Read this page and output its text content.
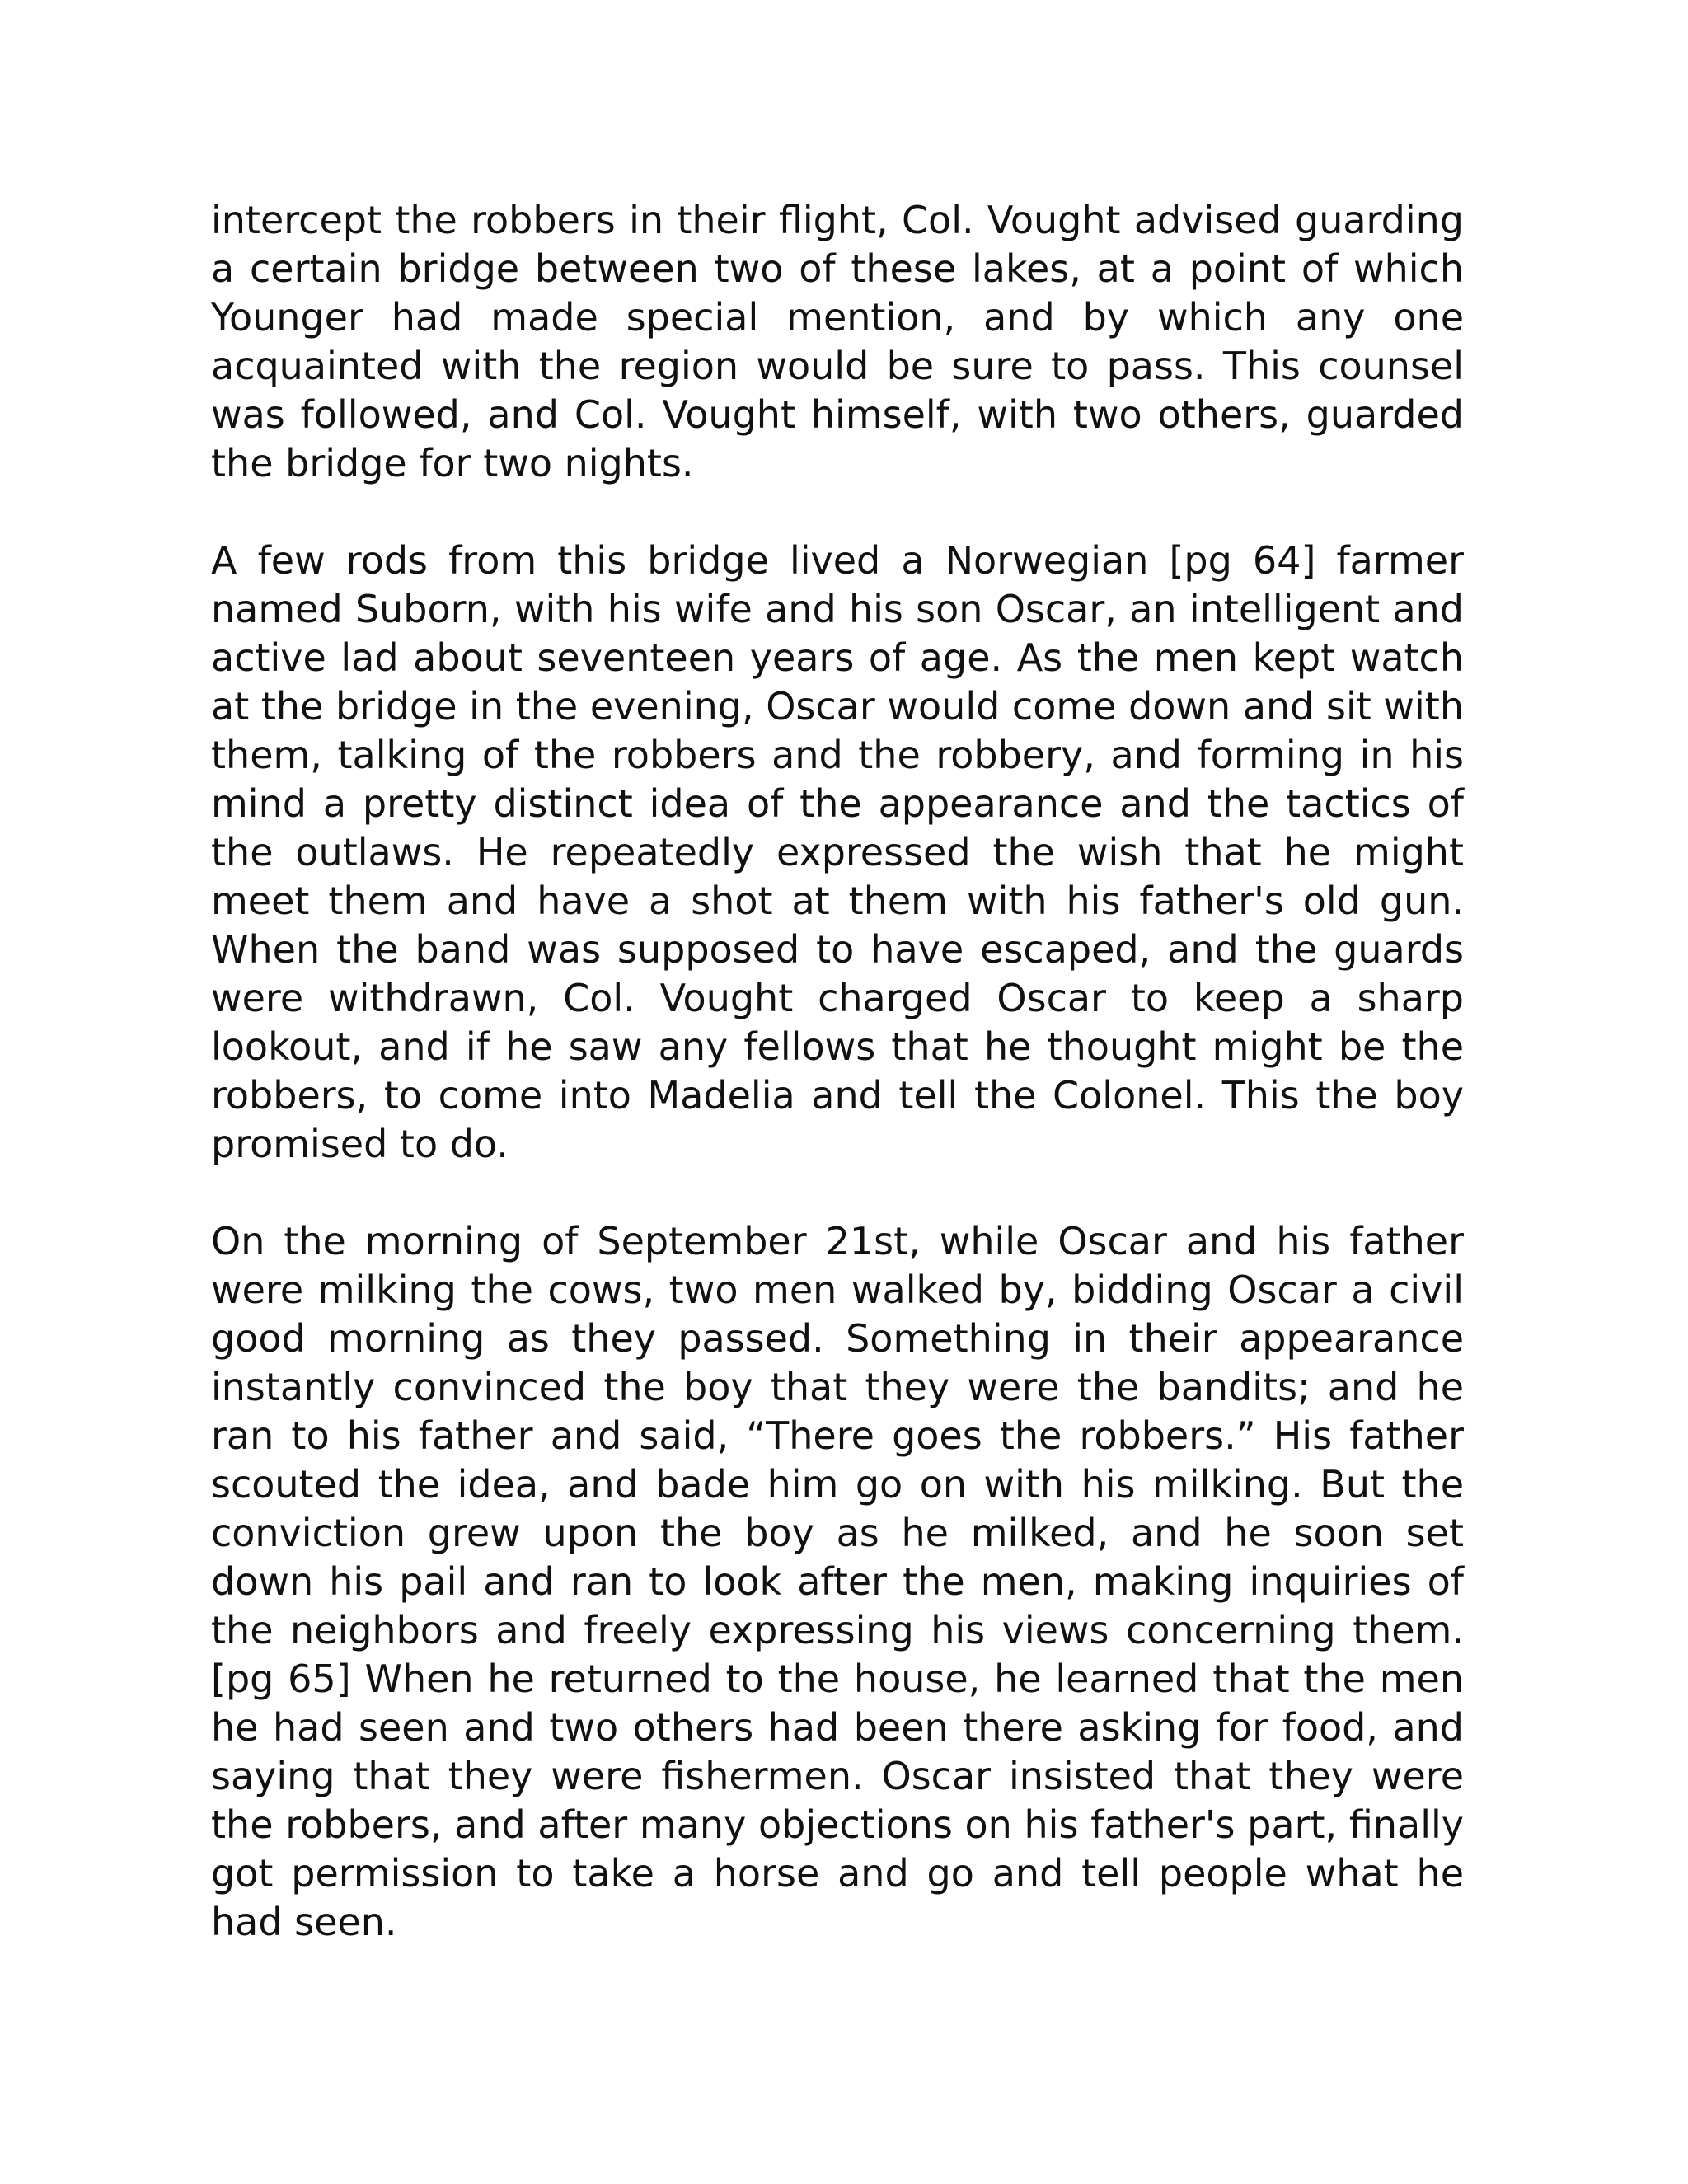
intercept the robbers in their flight, Col. Vought advised guarding a certain bridge between two of these lakes, at a point of which Younger had made special mention, and by which any one acquainted with the region would be sure to pass. This counsel was followed, and Col. Vought himself, with two others, guarded the bridge for two nights.

A few rods from this bridge lived a Norwegian [pg 64] farmer named Suborn, with his wife and his son Oscar, an intelligent and active lad about seventeen years of age. As the men kept watch at the bridge in the evening, Oscar would come down and sit with them, talking of the robbers and the robbery, and forming in his mind a pretty distinct idea of the appearance and the tactics of the outlaws. He repeatedly expressed the wish that he might meet them and have a shot at them with his father's old gun. When the band was supposed to have escaped, and the guards were withdrawn, Col. Vought charged Oscar to keep a sharp lookout, and if he saw any fellows that he thought might be the robbers, to come into Madelia and tell the Colonel. This the boy promised to do.

On the morning of September 21st, while Oscar and his father were milking the cows, two men walked by, bidding Oscar a civil good morning as they passed. Something in their appearance instantly convinced the boy that they were the bandits; and he ran to his father and said, “There goes the robbers.” His father scouted the idea, and bade him go on with his milking. But the conviction grew upon the boy as he milked, and he soon set down his pail and ran to look after the men, making inquiries of the neighbors and freely expressing his views concerning them. [pg 65] When he returned to the house, he learned that the men he had seen and two others had been there asking for food, and saying that they were fishermen. Oscar insisted that they were the robbers, and after many objections on his father's part, finally got permission to take a horse and go and tell people what he had seen.
